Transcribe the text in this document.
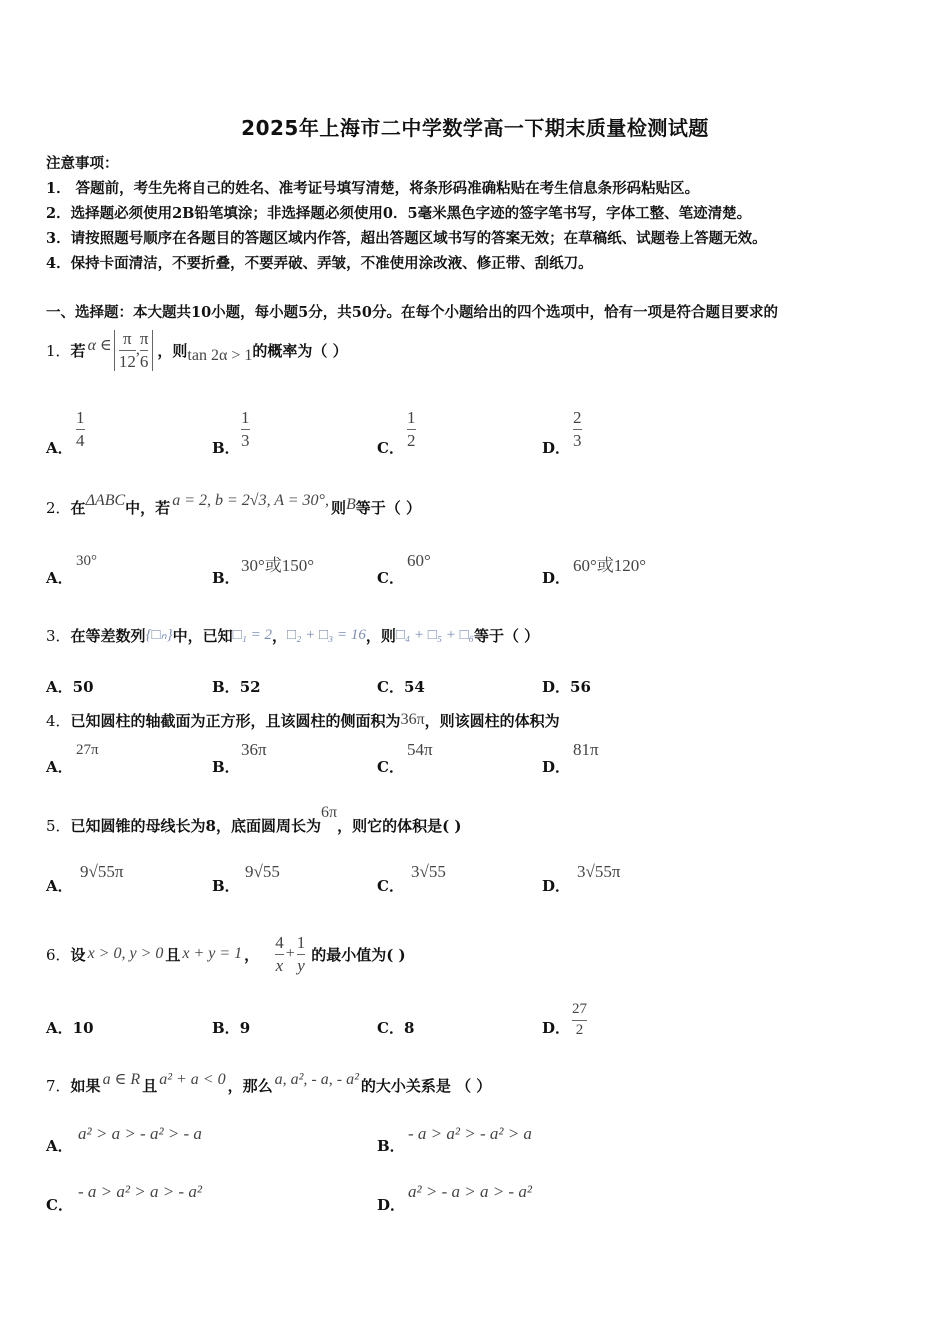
2025年上海市二中学数学高一下期末质量检测试题
注意事项：
1． 答题前，考生先将自己的姓名、准考证号填写清楚，将条形码准确粘贴在考生信息条形码粘贴区。
2．选择题必须使用2B铅笔填涂；非选择题必须使用0．5毫米黑色字迹的签字笔书写，字体工整、笔迹清楚。
3．请按照题号顺序在各题目的答题区域内作答，超出答题区域书写的答案无效；在草稿纸、试题卷上答题无效。
4．保持卡面清洁，不要折叠，不要弄破、弄皱，不准使用涂改液、修正带、刮纸刀。
一、选择题：本大题共10小题，每小题5分，共50分。在每个小题给出的四个选项中，恰有一项是符合题目要求的
1． 若 α ∈ $\frac{\pi}{12}$ , $\frac{\pi}{6}$ ，则 tan 2α > 1 的概率为（ ）
A． $\frac{1}{4}$	B． $\frac{1}{3}$	C． $\frac{1}{2}$	D． $\frac{2}{3}$
2．在ΔABC中，若 a = 2, b = 2√3, A = 30°, 则B等于（ ）
A．
30°
B．
30°或150°
C．
60°
D．
60°或120°
3．在等差数列{□ₙ}中，已知□₁ = 2，□₂ + □₃ = 16，则□₄ + □₅ + □₆等于（ ）
A．50	B．52	C．54	D．56
4．已知圆柱的轴截面为正方形，且该圆柱的侧面积为36π，则该圆柱的体积为
A．
27π
B．
36π
C．
54π
D．
81π
5．已知圆锥的母线长为8，底面圆周长为6π，则它的体积是( )
A．
9√55π
B．
9√55
C．
3√55
D．
3√55π
6． 设 x > 0, y > 0 且 x + y = 1 ， $\frac{4}{x} + \frac{1}{y}$ 的最小值为( )
A．10	B．9	C．8	D． $\frac{27}{2}$
7．如果 a ∈ R 且 a² + a < 0 ，那么 a, a², - a, - a² 的大小关系是 （ ）
A．
a² > a > - a² > - a
B．
- a > a² > - a² > a
C．
- a > a² > a > - a²
D．
a² > - a > a > - a²
